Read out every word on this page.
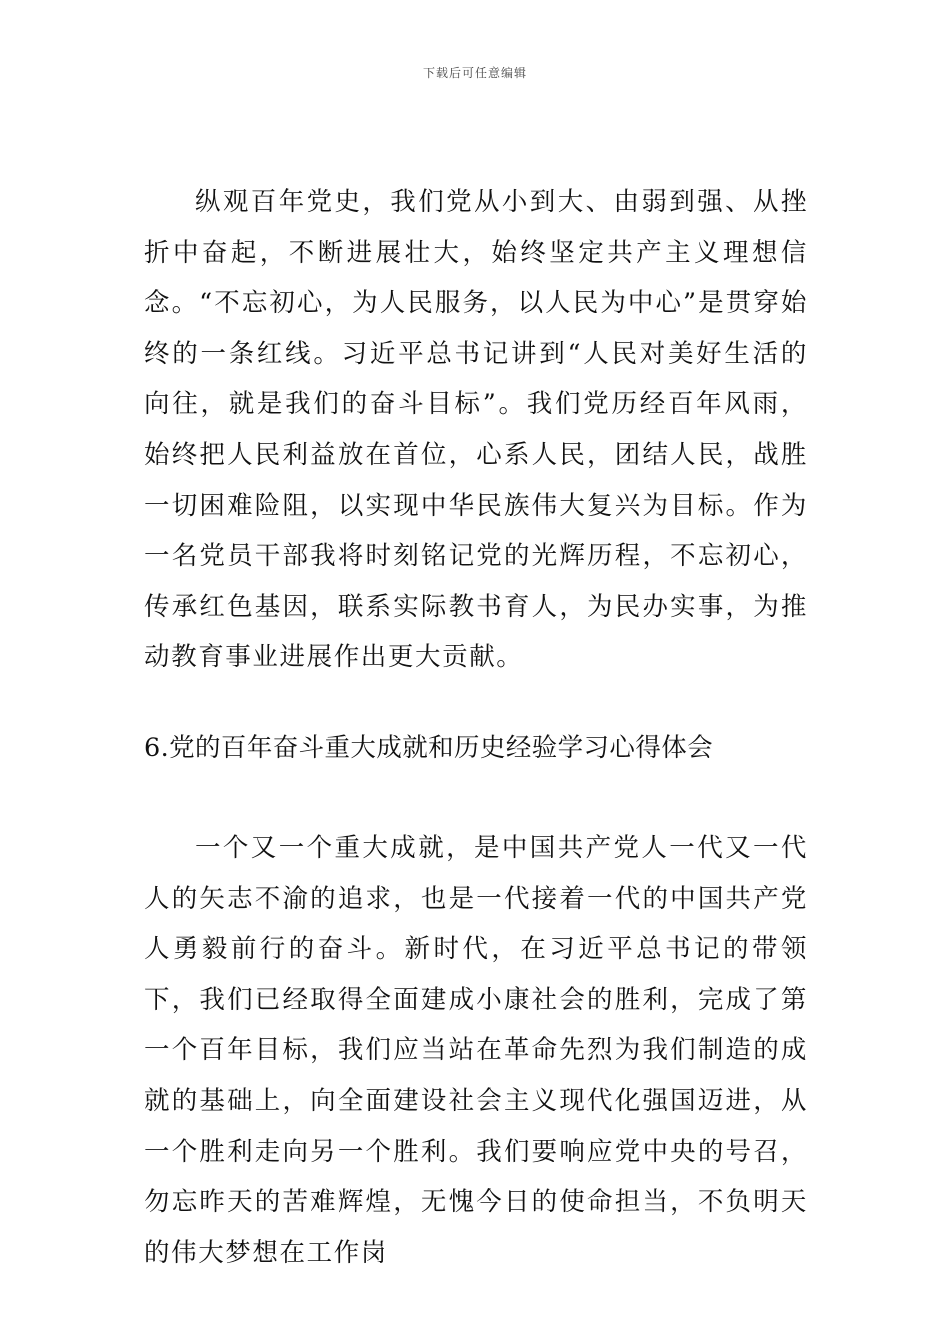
下载后可任意编辑

纵观百年党史，我们党从小到大、由弱到强、从挫折中奋起，不断进展壮大，始终坚定共产主义理想信念。“不忘初心，为人民服务，以人民为中心”是贯穿始终的一条红线。习近平总书记讲到“人民对美好生活的向往，就是我们的奋斗目标”。我们党历经百年风雨，始终把人民利益放在首位，心系人民，团结人民，战胜一切困难险阻，以实现中华民族伟大复兴为目标。作为一名党员干部我将时刻铭记党的光辉历程，不忘初心，传承红色基因，联系实际教书育人，为民办实事，为推动教育事业进展作出更大贡献。

6.党的百年奋斗重大成就和历史经验学习心得体会

一个又一个重大成就，是中国共产党人一代又一代人的矢志不渝的追求，也是一代接着一代的中国共产党人勇毅前行的奋斗。新时代，在习近平总书记的带领下，我们已经取得全面建成小康社会的胜利，完成了第一个百年目标，我们应当站在革命先烈为我们制造的成就的基础上，向全面建设社会主义现代化强国迈进，从一个胜利走向另一个胜利。我们要响应党中央的号召，勿忘昨天的苦难辉煌，无愧今日的使命担当，不负明天的伟大梦想在工作岗
